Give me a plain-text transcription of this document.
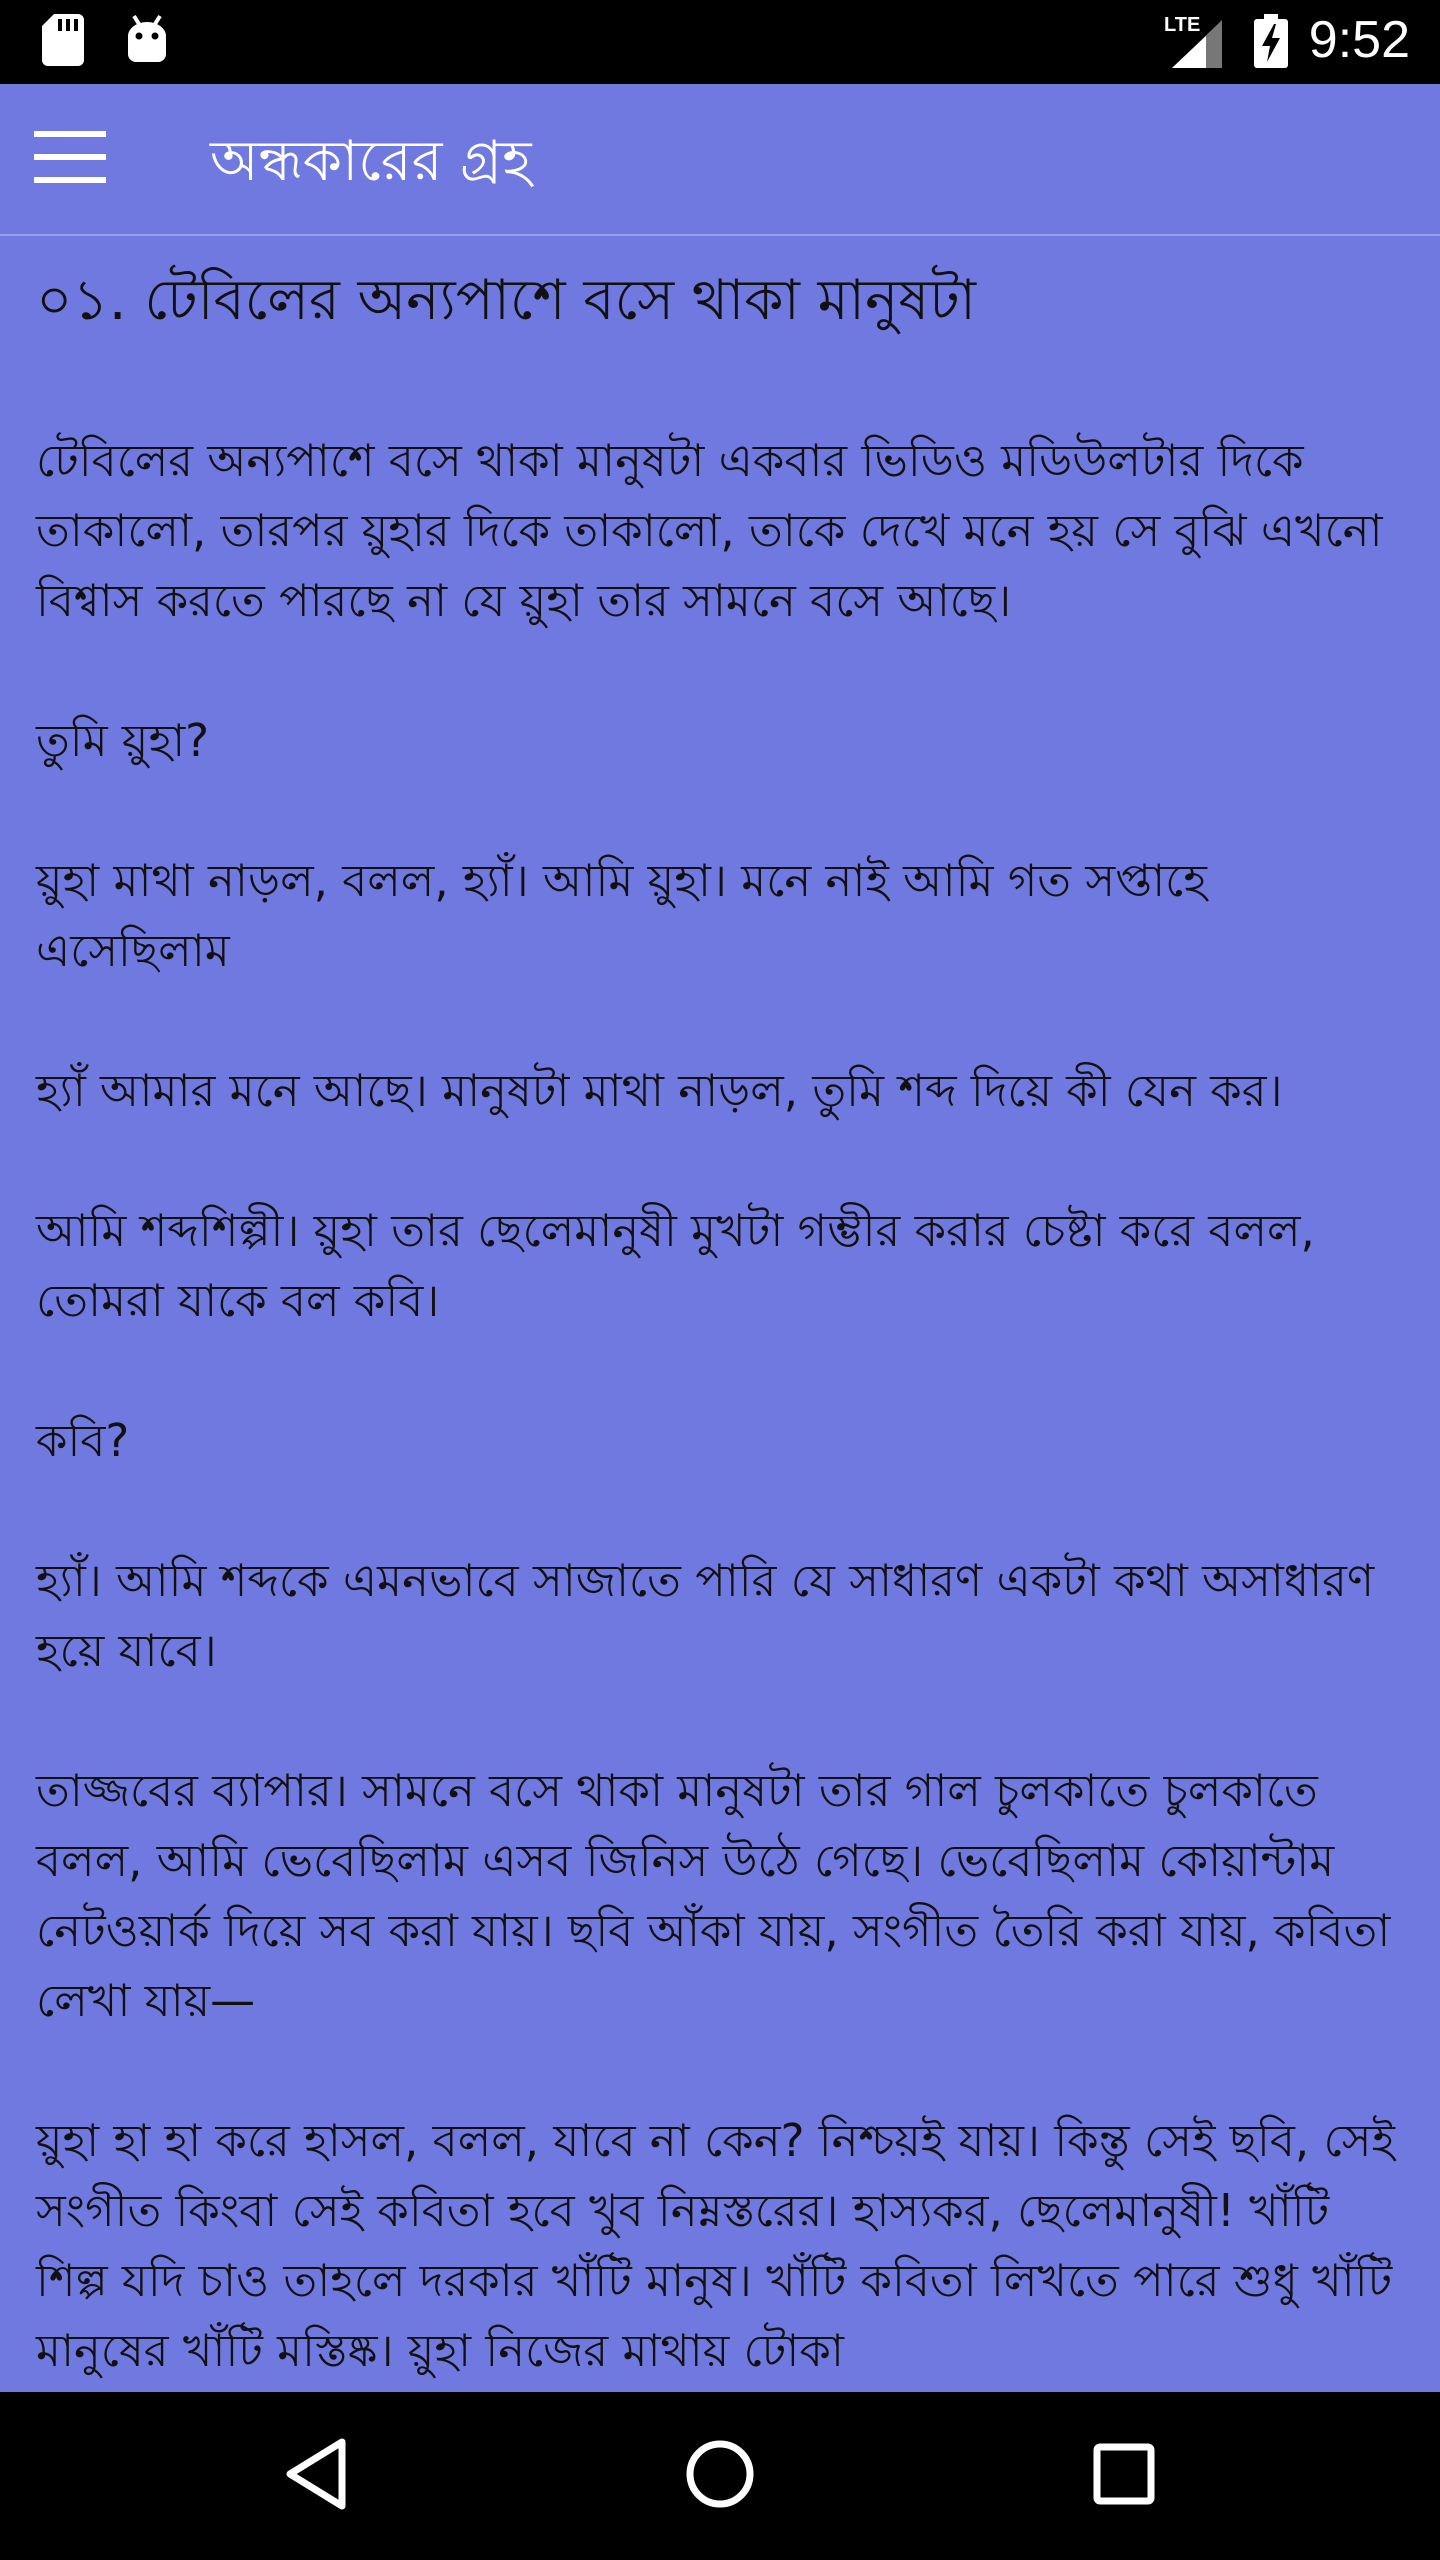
LTE 9:52
অন্ধকারের গ্রহ
০১. টেবিলের অন্যপাশে বসে থাকা মানুষটা

টেবিলের অন্যপাশে বসে থাকা মানুষটা একবার ভিডিও মডিউলটার দিকে তাকালো, তারপর য়ুহার দিকে তাকালো, তাকে দেখে মনে হয় সে বুঝি এখনো বিশ্বাস করতে পারছে না যে য়ুহা তার সামনে বসে আছে।

তুমি য়ুহা?

য়ুহা মাথা নাড়ল, বলল, হ্যাঁ। আমি য়ুহা। মনে নাই আমি গত সপ্তাহে এসেছিলাম

হ্যাঁ আমার মনে আছে। মানুষটা মাথা নাড়ল, তুমি শব্দ দিয়ে কী যেন কর।

আমি শব্দশিল্পী। য়ুহা তার ছেলেমানুষী মুখটা গম্ভীর করার চেষ্টা করে বলল, তোমরা যাকে বল কবি।

কবি?

হ্যাঁ। আমি শব্দকে এমনভাবে সাজাতে পারি যে সাধারণ একটা কথা অসাধারণ হয়ে যাবে।

তাজ্জবের ব্যাপার। সামনে বসে থাকা মানুষটা তার গাল চুলকাতে চুলকাতে বলল, আমি ভেবেছিলাম এসব জিনিস উঠে গেছে। ভেবেছিলাম কোয়ান্টাম নেটওয়ার্ক দিয়ে সব করা যায়। ছবি আঁকা যায়, সংগীত তৈরি করা যায়, কবিতা লেখা যায়—

য়ুহা হা হা করে হাসল, বলল, যাবে না কেন? নিশ্চয়ই যায়। কিন্তু সেই ছবি, সেই সংগীত কিংবা সেই কবিতা হবে খুব নিম্নস্তরের। হাস্যকর, ছেলেমানুষী! খাঁটি শিল্প যদি চাও তাহলে দরকার খাঁটি মানুষ। খাঁটি কবিতা লিখতে পারে শুধু খাঁটি মানুষের খাঁটি মস্তিষ্ক। য়ুহা নিজের মাথায় টোকা
